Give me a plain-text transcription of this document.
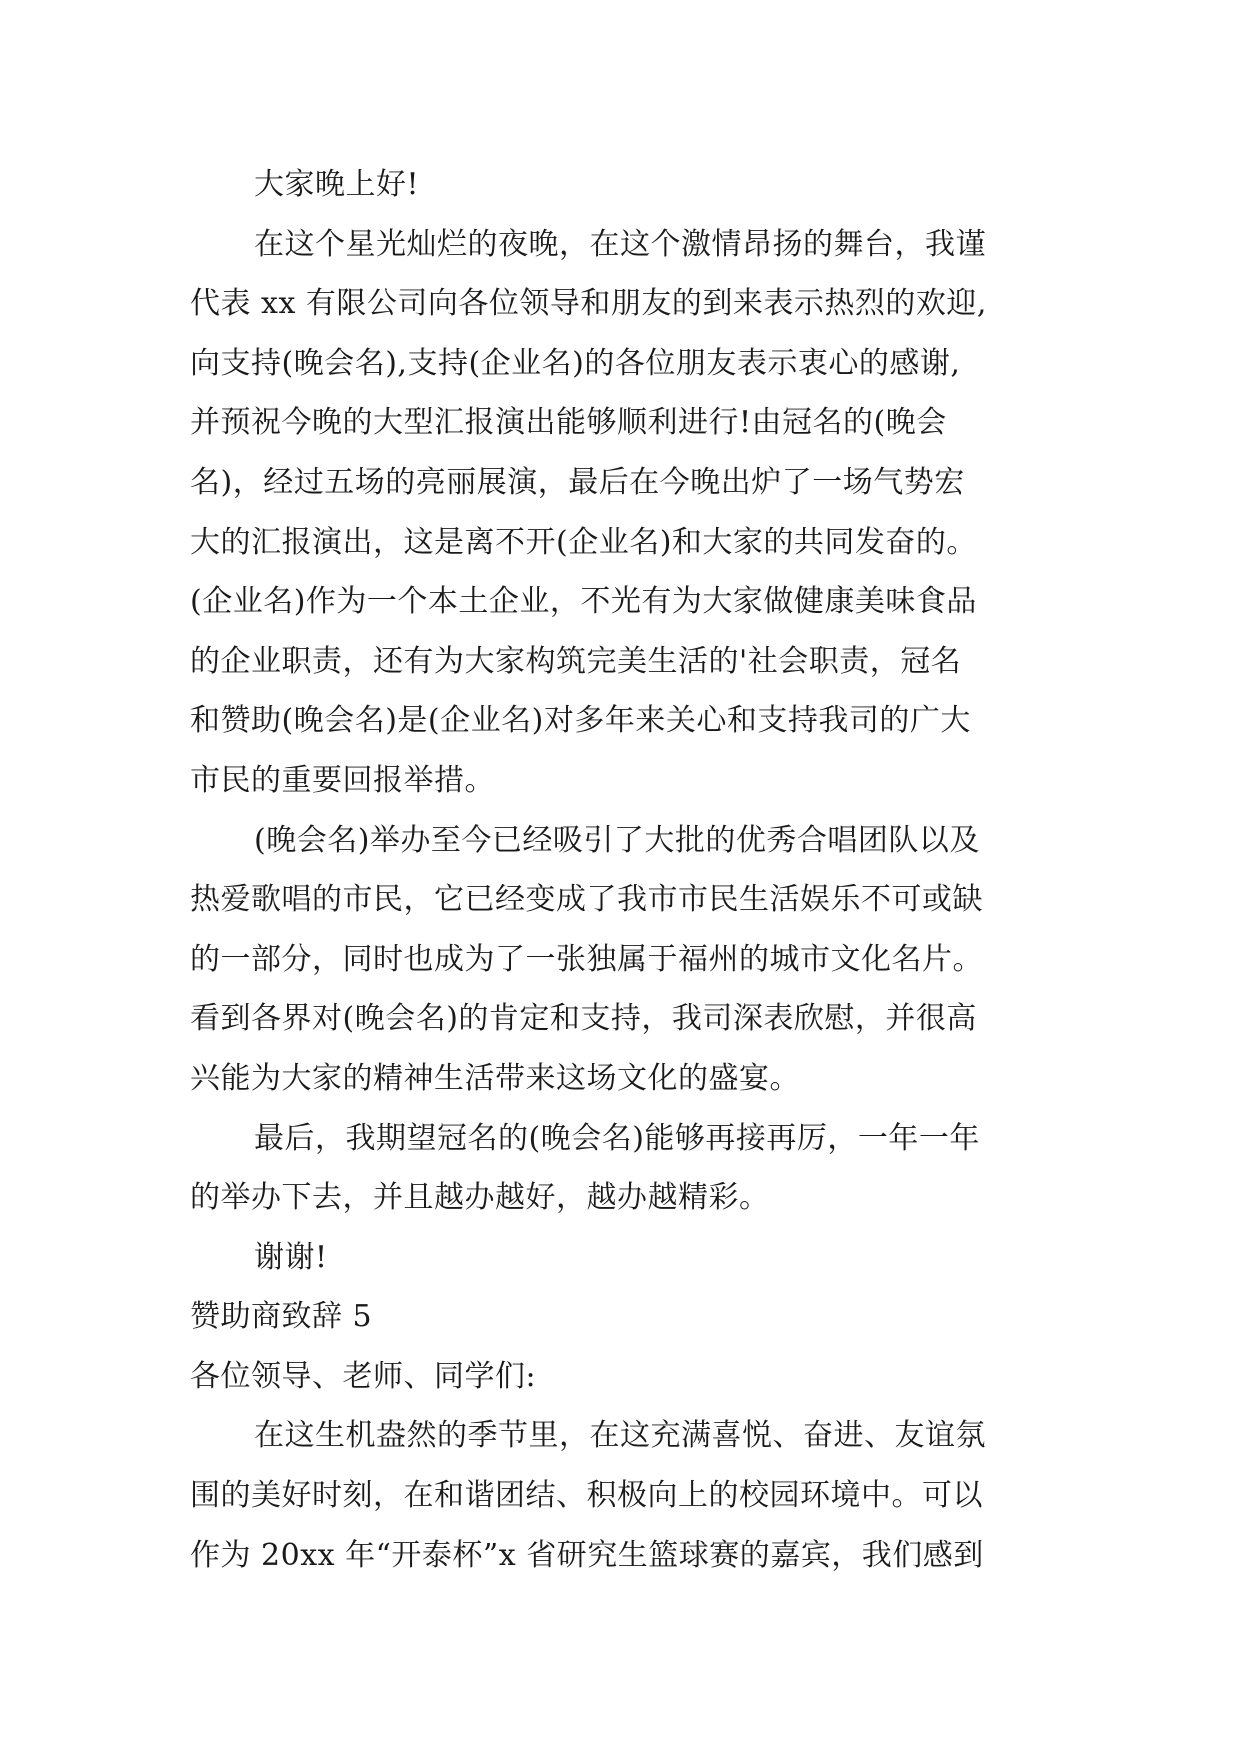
大家晚上好!
在这个星光灿烂的夜晚，在这个激情昂扬的舞台，我谨
代表 xx 有限公司向各位领导和朋友的到来表示热烈的欢迎,
向支持(晚会名),支持(企业名)的各位朋友表示衷心的感谢,
并预祝今晚的大型汇报演出能够顺利进行!由冠名的(晚会
名)，经过五场的亮丽展演，最后在今晚出炉了一场气势宏
大的汇报演出，这是离不开(企业名)和大家的共同发奋的。
(企业名)作为一个本土企业，不光有为大家做健康美味食品
的企业职责，还有为大家构筑完美生活的'社会职责，冠名
和赞助(晚会名)是(企业名)对多年来关心和支持我司的广大
市民的重要回报举措。
(晚会名)举办至今已经吸引了大批的优秀合唱团队以及
热爱歌唱的市民，它已经变成了我市市民生活娱乐不可或缺
的一部分，同时也成为了一张独属于福州的城市文化名片。
看到各界对(晚会名)的肯定和支持，我司深表欣慰，并很高
兴能为大家的精神生活带来这场文化的盛宴。
最后，我期望冠名的(晚会名)能够再接再厉，一年一年
的举办下去，并且越办越好，越办越精彩。
谢谢!
赞助商致辞 5
各位领导、老师、同学们:
在这生机盎然的季节里，在这充满喜悦、奋进、友谊氛
围的美好时刻，在和谐团结、积极向上的校园环境中。可以
作为 20xx 年“开泰杯”x 省研究生篮球赛的嘉宾，我们感到
